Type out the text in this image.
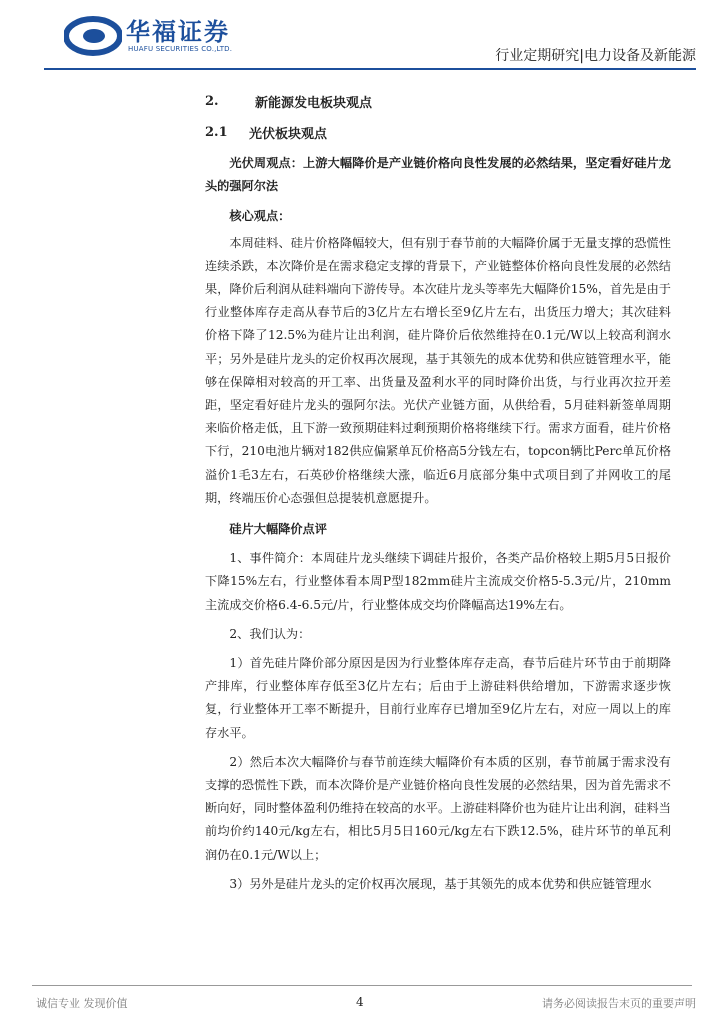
华福证券
HUAFU SECURITIES CO.,LTD.	行业定期研究|电力设备及新能源
2.	新能源发电板块观点
2.1	光伏板块观点

光伏周观点：上游大幅降价是产业链价格向良性发展的必然结果，坚定看好硅片龙头的强阿尔法

核心观点：

本周硅料、硅片价格降幅较大，但有别于春节前的大幅降价属于无量支撑的恐慌性连续杀跌，本次降价是在需求稳定支撑的背景下，产业链整体价格向良性发展的必然结果，降价后利润从硅料端向下游传导。本次硅片龙头等率先大幅降价15%，首先是由于行业整体库存走高从春节后的3亿片左右增长至9亿片左右，出货压力增大；其次硅料价格下降了12.5%为硅片让出利润，硅片降价后依然维持在0.1元/W以上较高利润水平；另外是硅片龙头的定价权再次展现，基于其领先的成本优势和供应链管理水平，能够在保障相对较高的开工率、出货量及盈利水平的同时降价出货，与行业再次拉开差距，坚定看好硅片龙头的强阿尔法。光伏产业链方面，从供给看，5月硅料新签单周期来临价格走低，且下游一致预期硅料过剩预期价格将继续下行。需求方面看，硅片价格下行，210电池片辆对182供应偏紧单瓦价格高5分钱左右，topcon辆比Perc单瓦价格溢价1毛3左右，石英砂价格继续大涨，临近6月底部分集中式项目到了并网收工的尾期，终端压价心态强但总提装机意愿提升。

硅片大幅降价点评

1、事件简介：本周硅片龙头继续下调硅片报价，各类产品价格较上期5月5日报价下降15%左右，行业整体看本周P型182mm硅片主流成交价格5-5.3元/片，210mm主流成交价格6.4-6.5元/片，行业整体成交均价降幅高达19%左右。

2、我们认为：

1）首先硅片降价部分原因是因为行业整体库存走高，春节后硅片环节由于前期降产排库，行业整体库存低至3亿片左右；后由于上游硅料供给增加，下游需求逐步恢复，行业整体开工率不断提升，目前行业库存已增加至9亿片左右，对应一周以上的库存水平。

2）然后本次大幅降价与春节前连续大幅降价有本质的区别，春节前属于需求没有支撑的恐慌性下跌，而本次降价是产业链价格向良性发展的必然结果，因为首先需求不断向好，同时整体盈利仍维持在较高的水平。上游硅料降价也为硅片让出利润，硅料当前均价约140元/kg左右，相比5月5日160元/kg左右下跌12.5%，硅片环节的单瓦利润仍在0.1元/W以上；

3）另外是硅片龙头的定价权再次展现，基于其领先的成本优势和供应链管理水

诚信专业 发现价值	4	请务必阅读报告末页的重要声明
